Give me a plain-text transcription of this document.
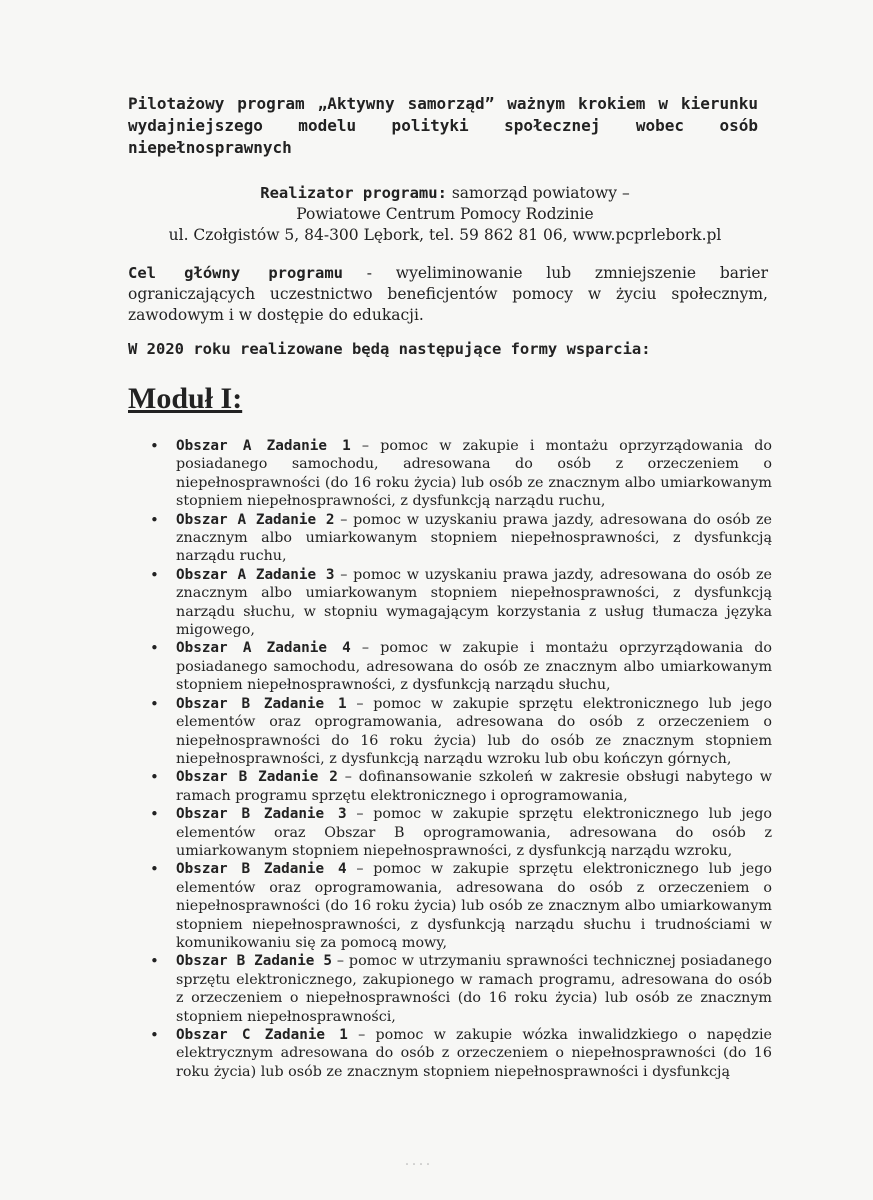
Pilotażowy program „Aktywny samorząd” ważnym krokiem w kierunku wydajniejszego modelu polityki społecznej wobec osób niepełnosprawnych
Realizator programu: samorząd powiatowy –
Powiatowe Centrum Pomocy Rodzinie
ul. Czołgistów 5, 84-300 Lębork, tel. 59 862 81 06, www.pcprlebork.pl

Cel główny programu - wyeliminowanie lub zmniejszenie barier ograniczających uczestnictwo beneficjentów pomocy w życiu społecznym, zawodowym i w dostępie do edukacji.

W 2020 roku realizowane będą następujące formy wsparcia:
Moduł I:
• Obszar A Zadanie 1 – pomoc w zakupie i montażu oprzyrządowania do posiadanego samochodu, adresowana do osób z orzeczeniem o niepełnosprawności (do 16 roku życia) lub osób ze znacznym albo umiarkowanym stopniem niepełnosprawności, z dysfunkcją narządu ruchu,
• Obszar A Zadanie 2 – pomoc w uzyskaniu prawa jazdy, adresowana do osób ze znacznym albo umiarkowanym stopniem niepełnosprawności, z dysfunkcją narządu ruchu,
• Obszar A Zadanie 3 – pomoc w uzyskaniu prawa jazdy, adresowana do osób ze znacznym albo umiarkowanym stopniem niepełnosprawności, z dysfunkcją narządu słuchu, w stopniu wymagającym korzystania z usług tłumacza języka migowego,
• Obszar A Zadanie 4 – pomoc w zakupie i montażu oprzyrządowania do posiadanego samochodu, adresowana do osób ze znacznym albo umiarkowanym stopniem niepełnosprawności, z dysfunkcją narządu słuchu,
• Obszar B Zadanie 1 – pomoc w zakupie sprzętu elektronicznego lub jego elementów oraz oprogramowania, adresowana do osób z orzeczeniem o niepełnosprawności do 16 roku życia) lub do osób ze znacznym stopniem niepełnosprawności, z dysfunkcją narządu wzroku lub obu kończyn górnych,
• Obszar B Zadanie 2 – dofinansowanie szkoleń w zakresie obsługi nabytego w ramach programu sprzętu elektronicznego i oprogramowania,
• Obszar B Zadanie 3 – pomoc w zakupie sprzętu elektronicznego lub jego elementów oraz Obszar B oprogramowania, adresowana do osób z umiarkowanym stopniem niepełnosprawności, z dysfunkcją narządu wzroku,
• Obszar B Zadanie 4 – pomoc w zakupie sprzętu elektronicznego lub jego elementów oraz oprogramowania, adresowana do osób z orzeczeniem o niepełnosprawności (do 16 roku życia) lub osób ze znacznym albo umiarkowanym stopniem niepełnosprawności, z dysfunkcją narządu słuchu i trudnościami w komunikowaniu się za pomocą mowy,
• Obszar B Zadanie 5 – pomoc w utrzymaniu sprawności technicznej posiadanego sprzętu elektronicznego, zakupionego w ramach programu, adresowana do osób z orzeczeniem o niepełnosprawności (do 16 roku życia) lub osób ze znacznym stopniem niepełnosprawności,
• Obszar C Zadanie 1 – pomoc w zakupie wózka inwalidzkiego o napędzie elektrycznym adresowana do osób z orzeczeniem o niepełnosprawności (do 16 roku życia) lub osób ze znacznym stopniem niepełnosprawności i dysfunkcją
